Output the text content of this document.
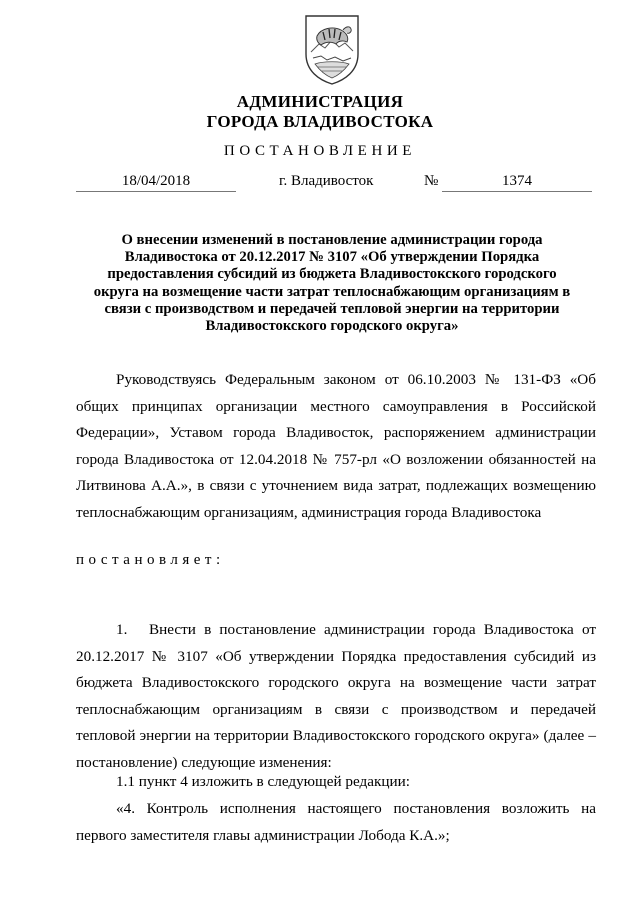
АДМИНИСТРАЦИЯ
ГОРОДА ВЛАДИВОСТОКА
ПОСТАНОВЛЕНИЕ
18/04/2018	г. Владивосток	№	1374
О внесении изменений в постановление администрации города Владивостока от 20.12.2017 № 3107 «Об утверждении Порядка предоставления субсидий из бюджета Владивостокского городского округа на возмещение части затрат теплоснабжающим организациям в связи с производством и передачей тепловой энергии на территории Владивостокского городского округа»
Руководствуясь Федеральным законом от 06.10.2003 № 131-ФЗ «Об общих принципах организации местного самоуправления в Российской Федерации», Уставом города Владивосток, распоряжением администрации города Владивостока от 12.04.2018 № 757-рл «О возложении обязанностей на Литвинова А.А.», в связи с уточнением вида затрат, подлежащих возмещению теплоснабжающим организациям, администрация города Владивостока
постановляет:
1. Внести в постановление администрации города Владивостока от 20.12.2017 № 3107 «Об утверждении Порядка предоставления субсидий из бюджета Владивостокского городского округа на возмещение части затрат теплоснабжающим организациям в связи с производством и передачей тепловой энергии на территории Владивостокского городского округа» (далее – постановление) следующие изменения:
1.1 пункт 4 изложить в следующей редакции:
«4. Контроль исполнения настоящего постановления возложить на первого заместителя главы администрации Лобода К.А.»;
